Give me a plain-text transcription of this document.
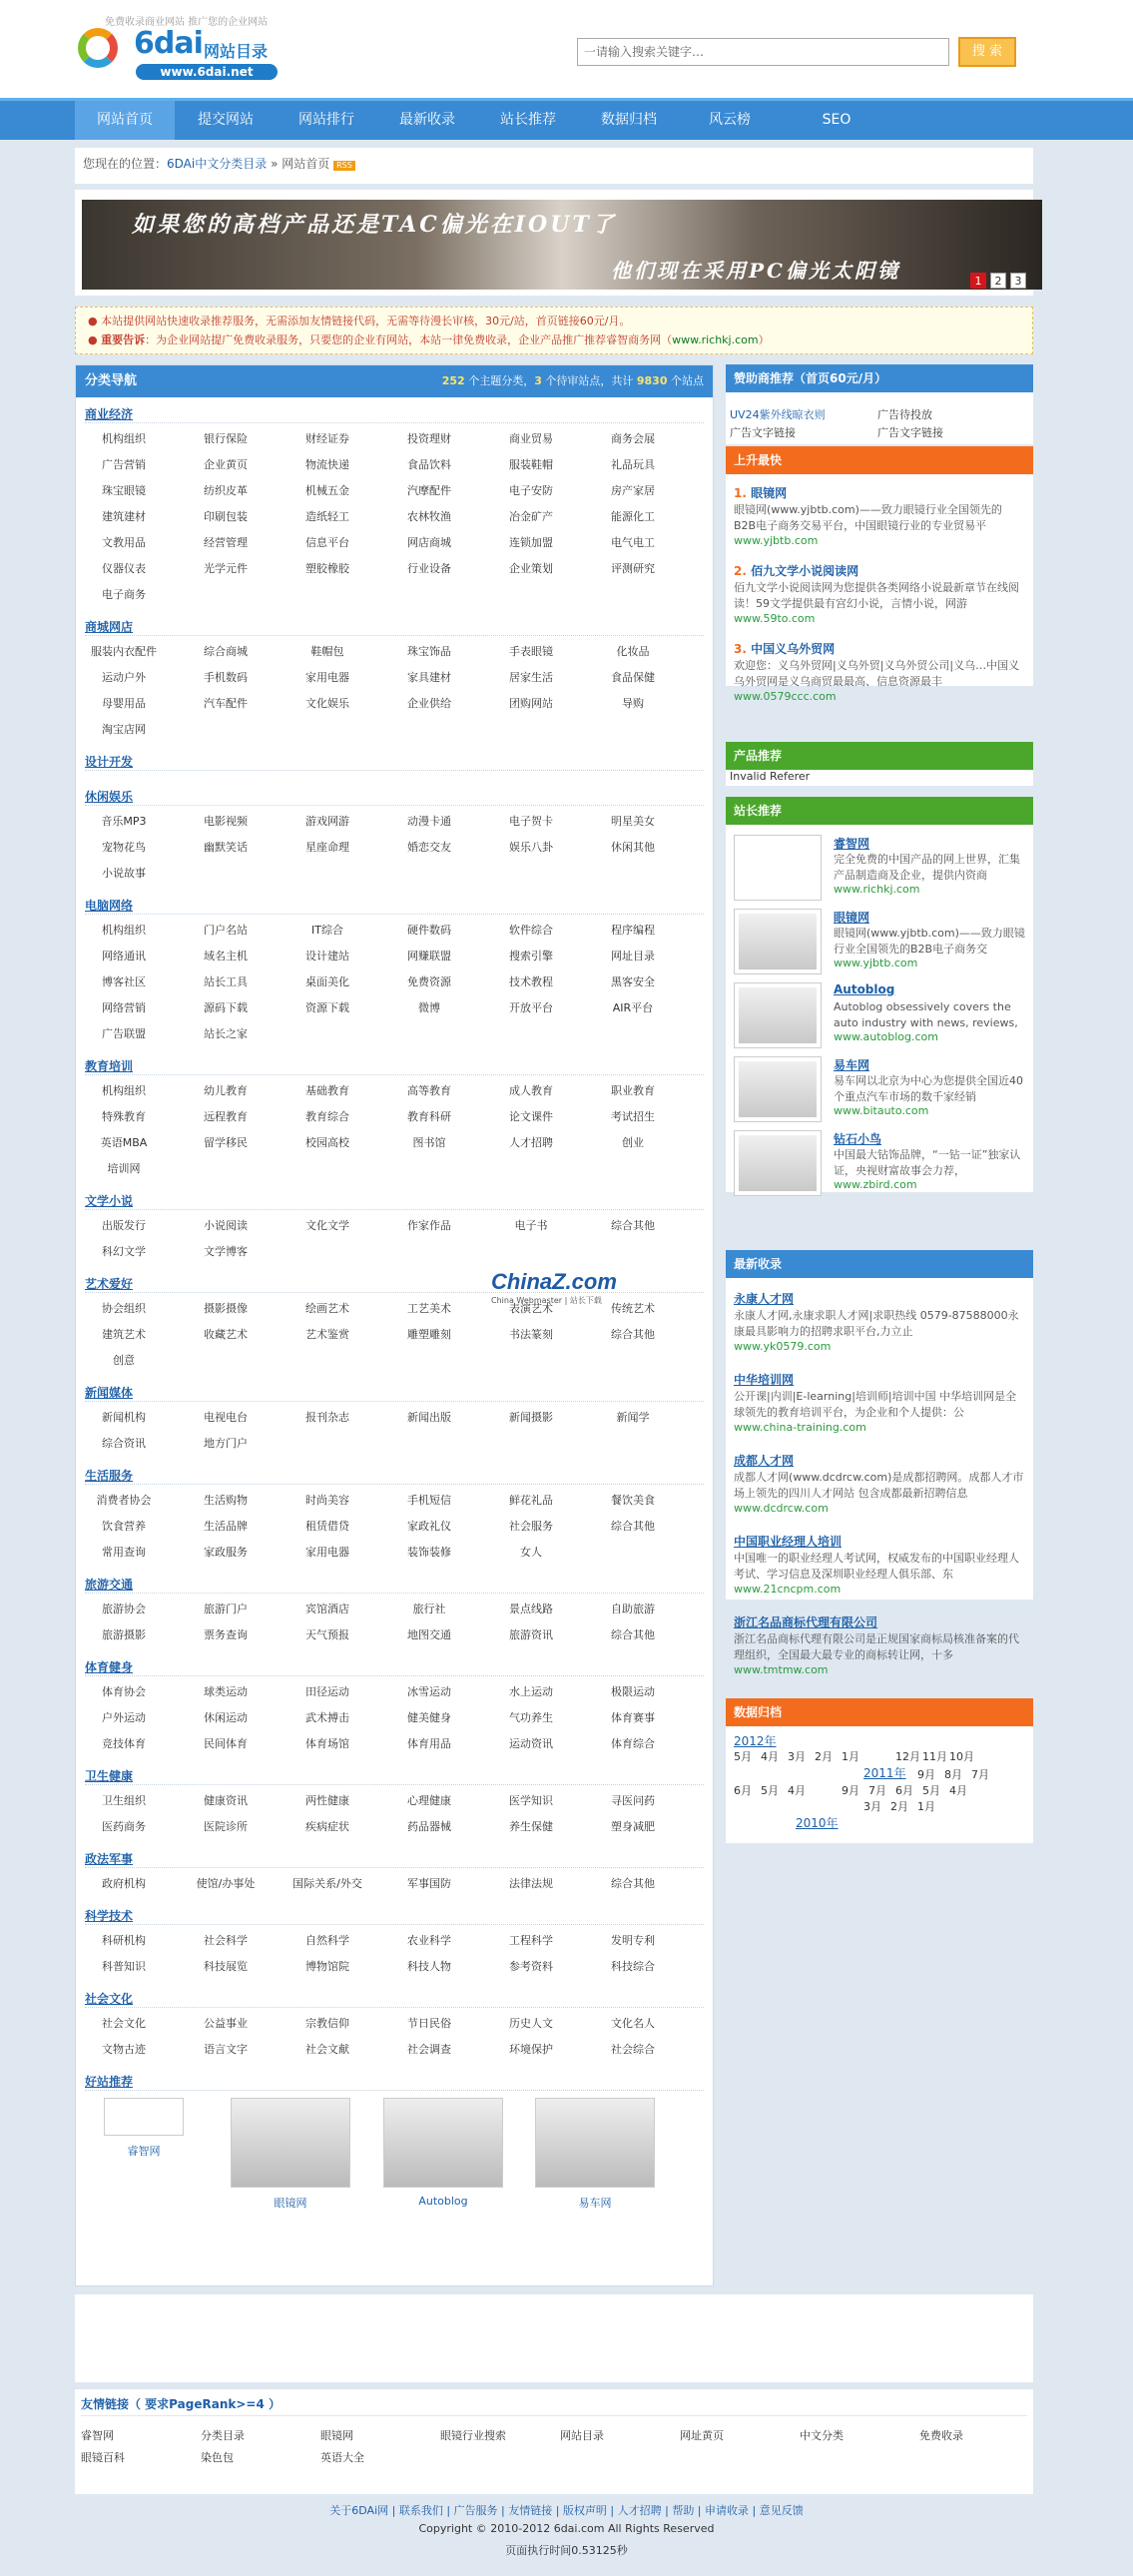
免费收录商业网站 推广您的企业网站
6dai 网站目录
www.6dai.net
一请输入搜索关键字…	搜 索
网站首页	提交网站	网站排行	最新收录	站长推荐	数据归档	风云榜	SEO
您现在的位置：6DAi中文分类目录 » 网站首页 RSS
如果您的高档产品还是TAC偏光在IOUT了
他们现在采用PC偏光太阳镜	1	2	3
● 本站提供网站快速收录推荐服务，无需添加友情链接代码，无需等待漫长审核，30元/站，首页链接60元/月。
● 重要告诉：为企业网站提广免费收录服务，只要您的企业有网站，本站一律免费收录，企业产品推广推荐睿智商务网（www.richkj.com）
分类导航	252 个主题分类，3 个待审站点，共计 9830 个站点
商业经济
机构组织	银行保险	财经证券	投资理财	商业贸易	商务会展
广告营销	企业黄页	物流快递	食品饮料	服装鞋帽	礼品玩具
珠宝眼镜	纺织皮革	机械五金	汽摩配件	电子安防	房产家居
建筑建材	印刷包装	造纸轻工	农林牧渔	冶金矿产	能源化工
文教用品	经营管理	信息平台	网店商城	连锁加盟	电气电工
仪器仪表	光学元件	塑胶橡胶	行业设备	企业策划	评测研究
电子商务
商城网店
服装内衣配件	综合商城	鞋帽包	珠宝饰品	手表眼镜	化妆品
运动户外	手机数码	家用电器	家具建材	居家生活	食品保健
母婴用品	汽车配件	文化娱乐	企业供给	团购网站	导购
淘宝店网
设计开发
休闲娱乐
音乐MP3	电影视频	游戏网游	动漫卡通	电子贺卡	明星美女
宠物花鸟	幽默笑话	星座命理	婚恋交友	娱乐八卦	休闲其他
小说故事
电脑网络
机构组织	门户名站	IT综合	硬件数码	软件综合	程序编程
网络通讯	域名主机	设计建站	网赚联盟	搜索引擎	网址目录
博客社区	站长工具	桌面美化	免费资源	技术教程	黑客安全
网络营销	源码下载	资源下载	微博	开放平台	AIR平台
广告联盟	站长之家
教育培训
机构组织	幼儿教育	基础教育	高等教育	成人教育	职业教育
特殊教育	远程教育	教育综合	教育科研	论文课件	考试招生
英语MBA	留学移民	校园高校	图书馆	人才招聘	创业
培训网
文学小说
出版发行	小说阅读	文化文学	作家作品	电子书	综合其他
科幻文学	文学博客
艺术爱好
协会组织	摄影摄像	绘画艺术	工艺美术	表演艺术	传统艺术
建筑艺术	收藏艺术	艺术鉴赏	雕塑雕刻	书法篆刻	综合其他
创意
新闻媒体
新闻机构	电视电台	报刊杂志	新闻出版	新闻摄影	新闻学
综合资讯	地方门户
生活服务
消费者协会	生活购物	时尚美容	手机短信	鲜花礼品	餐饮美食
饮食营养	生活品牌	租赁借贷	家政礼仪	社会服务	综合其他
常用查询	家政服务	家用电器	装饰装修	女人
旅游交通
旅游协会	旅游门户	宾馆酒店	旅行社	景点线路	自助旅游
旅游摄影	票务查询	天气预报	地图交通	旅游资讯	综合其他
体育健身
体育协会	球类运动	田径运动	冰雪运动	水上运动	极限运动
户外运动	休闲运动	武术搏击	健美健身	气功养生	体育赛事
竞技体育	民间体育	体育场馆	体育用品	运动资讯	体育综合
卫生健康
卫生组织	健康资讯	两性健康	心理健康	医学知识	寻医问药
医药商务	医院诊所	疾病症状	药品器械	养生保健	塑身减肥
政法军事
政府机构	使馆/办事处	国际关系/外交	军事国防	法律法规	综合其他
科学技术
科研机构	社会科学	自然科学	农业科学	工程科学	发明专利
科普知识	科技展览	博物馆院	科技人物	参考资料	科技综合
社会文化
社会文化	公益事业	宗教信仰	节日民俗	历史人文	文化名人
文物古迹	语言文字	社会文献	社会调查	环境保护	社会综合
好站推荐
睿智网
眼镜网	Autoblog	易车网
ChinaZ.com
China Webmaster | 站长下载
赞助商推荐（首页60元/月）
UV24紫外线晾衣则	广告待投放
广告文字链接	广告文字链接
上升最快
1. 眼镜网
眼镜网(www.yjbtb.com)——致力眼镜行业全国领先的B2B电子商务交易平台，中国眼镜行业的专业贸易平
www.yjbtb.com
2. 佰九文学小说阅读网
佰九文学小说阅读网为您提供各类网络小说最新章节在线阅读！59文学提供最有宫幻小说，言情小说，网游
www.59to.com
3. 中国义乌外贸网
欢迎您：义乌外贸网|义乌外贸|义乌外贸公司|义乌…中国义乌外贸网是义乌商贸最最高、信息资源最丰
www.0579ccc.com
产品推荐
Invalid Referer
站长推荐
睿智网
完全免费的中国产品的网上世界，汇集产品制造商及企业，提供内资商
www.richkj.com
眼镜网
眼镜网(www.yjbtb.com)——致力眼镜行业全国领先的B2B电子商务交
www.yjbtb.com
Autoblog
Autoblog obsessively covers the auto industry with news, reviews,
www.autoblog.com
易车网
易车网以北京为中心为您提供全国近40个重点汽车市场的数千家经销
www.bitauto.com
钻石小鸟
中国最大钻饰品牌，“一钻一证”独家认证，央视财富故事会力荐，
www.zbird.com
最新收录
永康人才网
永康人才网,永康求职人才网|求职热线 0579-87588000永康最具影响力的招聘求职平台,力立止
www.yk0579.com
中华培训网
公开课|内训|E-learning|培训师|培训中国 中华培训网是全球领先的教育培训平台，为企业和个人提供：公
www.china-training.com
成都人才网
成都人才网(www.dcdrcw.com)是成都招聘网。成都人才市场上领先的四川人才网站 包含成都最新招聘信息
www.dcdrcw.com
中国职业经理人培训
中国唯一的职业经理人考试网，权威发布的中国职业经理人考试、学习信息及深圳职业经理人俱乐部、东
www.21cncpm.com
浙江名品商标代理有限公司
浙江名品商标代理有限公司是正规国家商标局核准备案的代理组织，全国最大最专业的商标转让网，十多
www.tmtmw.com
数据归档
2012年
5月 4月 3月 2月 1月	12月 11月 10月
2011年 9月 8月 7月
6月 5月 4月	9月 7月 6月 5月 4月
3月 2月 1月
2010年
友情链接（ 要求PageRank>=4 ）
睿智网	分类目录	眼镜网	眼镜行业搜索	网站目录	网址黄页	中文分类	免费收录
眼镜百科	染色包	英语大全
关于6DAi网 | 联系我们 | 广告服务 | 友情链接 | 版权声明 | 人才招聘 | 帮助 | 申请收录 | 意见反馈
Copyright © 2010-2012 6dai.com All Rights Reserved
页面执行时间0.53125秒
